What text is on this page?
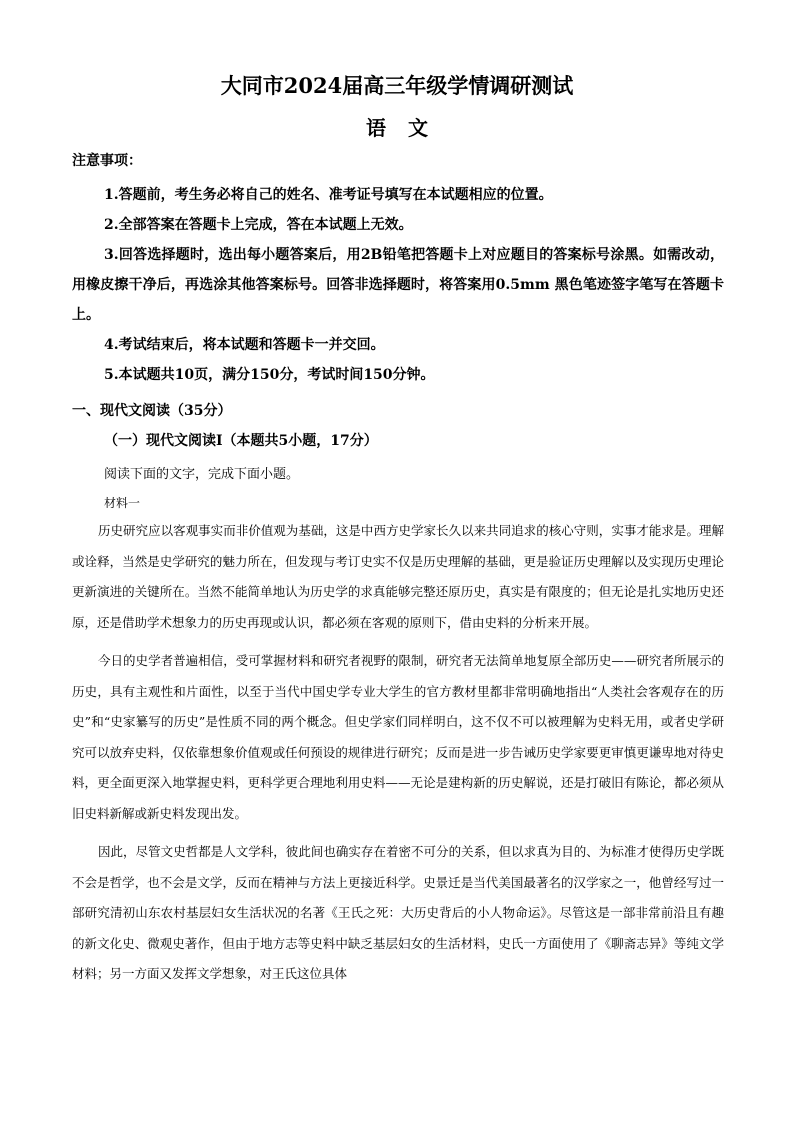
大同市2024届高三年级学情调研测试
语文
注意事项：

1.答题前，考生务必将自己的姓名、准考证号填写在本试题相应的位置。

2.全部答案在答题卡上完成，答在本试题上无效。

3.回答选择题时，选出每小题答案后，用2B铅笔把答题卡上对应题目的答案标号涂黑。如需改动，用橡皮擦干净后，再选涂其他答案标号。回答非选择题时，将答案用0.5mm 黑色笔迹签字笔写在答题卡上。

4.考试结束后，将本试题和答题卡一并交回。

5.本试题共10页，满分150分，考试时间150分钟。

一、现代文阅读（35分）
（一）现代文阅读Ⅰ（本题共5小题，17分）
阅读下面的文字，完成下面小题。
材料一

历史研究应以客观事实而非价值观为基础，这是中西方史学家长久以来共同追求的核心守则，实事才能求是。理解或诠释，当然是史学研究的魅力所在，但发现与考订史实不仅是历史理解的基础，更是验证历史理解以及实现历史理论更新演进的关键所在。当然不能简单地认为历史学的求真能够完整还原历史，真实是有限度的；但无论是扎实地历史还原，还是借助学术想象力的历史再现或认识，都必须在客观的原则下，借由史料的分析来开展。

今日的史学者普遍相信，受可掌握材料和研究者视野的限制，研究者无法简单地复原全部历史——研究者所展示的历史，具有主观性和片面性，以至于当代中国史学专业大学生的官方教材里都非常明确地指出“人类社会客观存在的历史”和“史家纂写的历史”是性质不同的两个概念。但史学家们同样明白，这不仅不可以被理解为史料无用，或者史学研究可以放弃史料，仅依靠想象价值观或任何预设的规律进行研究；反而是进一步告诫历史学家要更审慎更谦卑地对待史料，更全面更深入地掌握史料，更科学更合理地利用史料——无论是建构新的历史解说，还是打破旧有陈论，都必须从旧史料新解或新史料发现出发。

因此，尽管文史哲都是人文学科，彼此间也确实存在着密不可分的关系，但以求真为目的、为标准才使得历史学既不会是哲学，也不会是文学，反而在精神与方法上更接近科学。史景迁是当代美国最著名的汉学家之一，他曾经写过一部研究清初山东农村基层妇女生活状况的名著《王氏之死：大历史背后的小人物命运》。尽管这是一部非常前沿且有趣的新文化史、微观史著作，但由于地方志等史料中缺乏基层妇女的生活材料，史氏一方面使用了《聊斋志异》等纯文学材料；另一方面又发挥文学想象，对王氏这位具体
